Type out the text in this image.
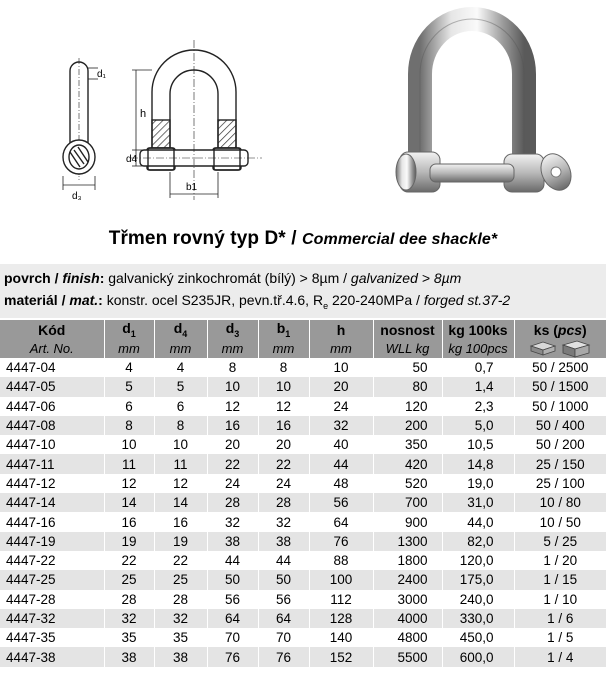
d₁
d₃
h
d4
b1
Třmen rovný typ D* / Commercial dee shackle*
povrch / finish: galvanický zinkochromát (bílý) > 8µm / galvanized > 8µm
materiál / mat.: konstr. ocel S235JR, pevn.tř.4.6, $R_e$ 220-240MPa / forged st.37-2
Kód	$d_1$	$d_4$	$d_3$	$b_1$	h	nosnost	kg 100ks	ks (pcs)
Art. No.	mm	mm	mm	mm	mm	WLL kg	kg 100pcs	

4447-04	4	4	8	8	10	50	0,7	50 / 2500
4447-05	5	5	10	10	20	80	1,4	50 / 1500
4447-06	6	6	12	12	24	120	2,3	50 / 1000
4447-08	8	8	16	16	32	200	5,0	50 / 400
4447-10	10	10	20	20	40	350	10,5	50 / 200
4447-11	11	11	22	22	44	420	14,8	25 / 150
4447-12	12	12	24	24	48	520	19,0	25 / 100
4447-14	14	14	28	28	56	700	31,0	10 / 80
4447-16	16	16	32	32	64	900	44,0	10 / 50
4447-19	19	19	38	38	76	1300	82,0	5 / 25
4447-22	22	22	44	44	88	1800	120,0	1 / 20
4447-25	25	25	50	50	100	2400	175,0	1 / 15
4447-28	28	28	56	56	112	3000	240,0	1 / 10
4447-32	32	32	64	64	128	4000	330,0	1 / 6
4447-35	35	35	70	70	140	4800	450,0	1 / 5
4447-38	38	38	76	76	152	5500	600,0	1 / 4
